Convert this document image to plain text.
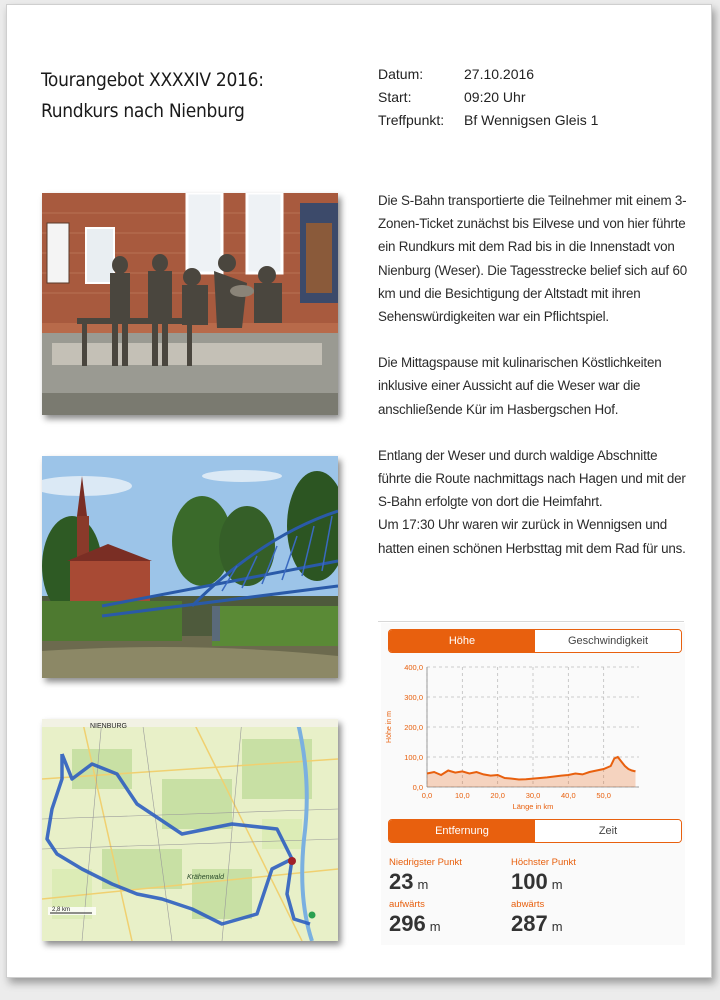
Tourangebot XXXXIV 2016:
Rundkurs nach Nienburg
Datum:	27.10.2016
Start:	09:20 Uhr
Treffpunkt: Bf Wennigsen Gleis 1
NIENBURG
Krähenwald
2,8 km

Die S-Bahn transportierte die Teilnehmer mit einem 3-Zonen-Ticket zunächst bis Eilvese und von hier führte ein Rundkurs mit dem Rad bis in die Innenstadt von Nienburg (Weser). Die Tagesstrecke belief sich auf 60 km und die Besichtigung der Altstadt mit ihren Sehenswürdigkeiten war ein Pflichtspiel.

Die Mittagspause mit kulinarischen Köstlichkeiten inklusive einer Aussicht auf die Weser war die anschließende Kür im Hasbergschen Hof.

Entlang der Weser und durch waldige Abschnitte führte die Route nachmittags nach Hagen und mit der S-Bahn erfolgte von dort die Heimfahrt.

Um 17:30 Uhr waren wir zurück in Wennigsen und hatten einen schönen Herbsttag mit dem Rad für uns.

Höhe	Geschwindigkeit
0,0
100,0
200,0
300,0
400,0
0,0	10,0	20,0	30,0	40,0	50,0
Länge in km
Höhe in m
Entfernung	Zeit
Niedrigster Punkt
23 m
Höchster Punkt
100 m
aufwärts
296 m
abwärts
287 m
